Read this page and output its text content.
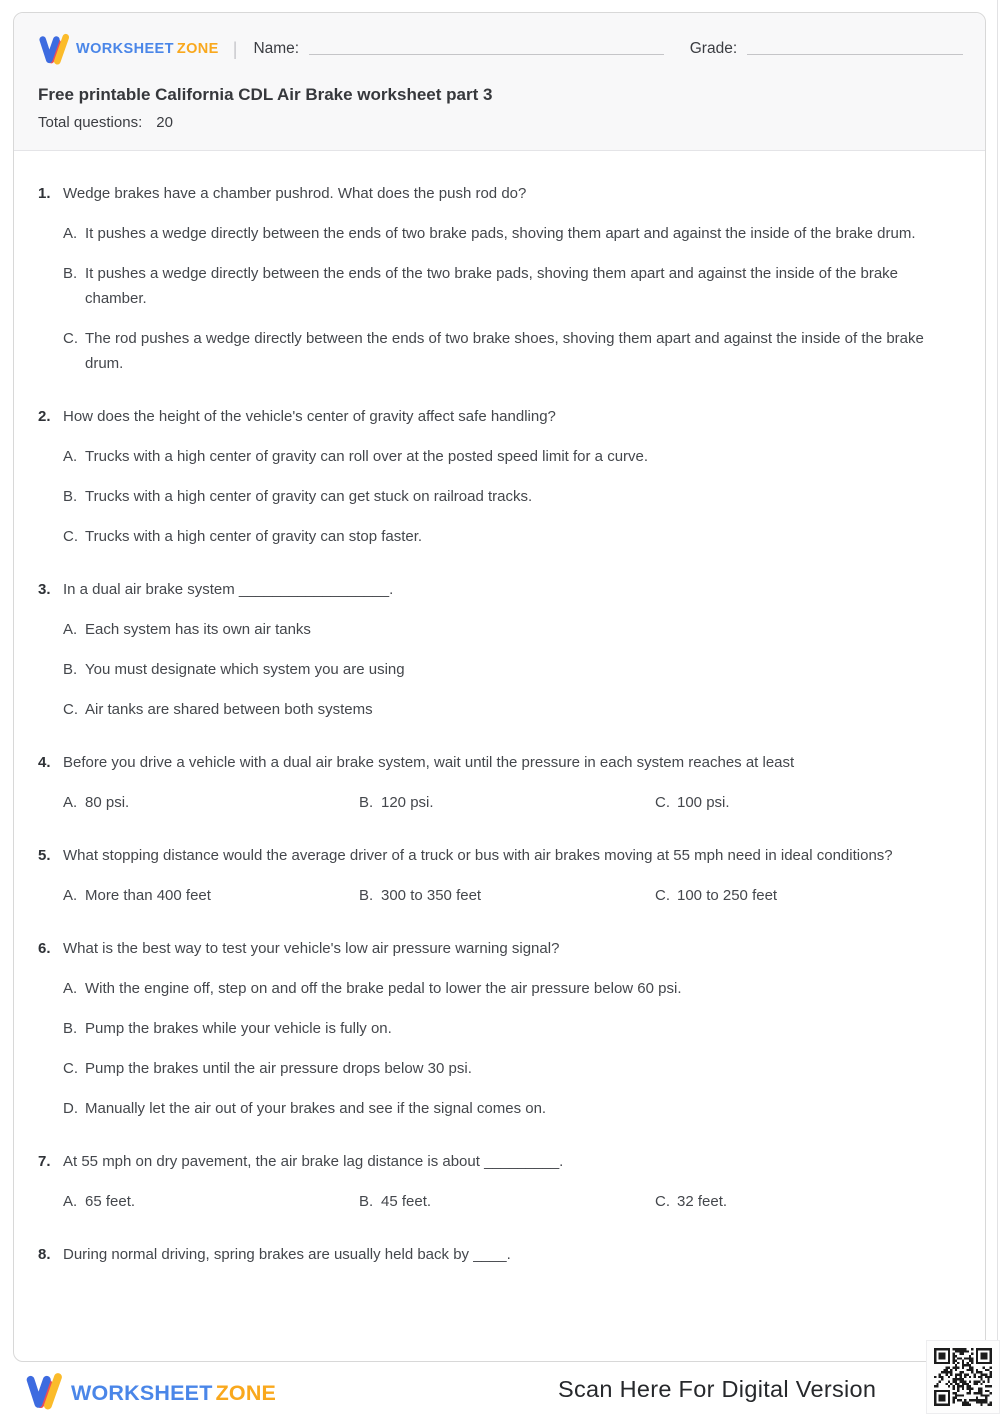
WORKSHEET ZONE | Name:	Grade:
Free printable California CDL Air Brake worksheet part 3
Total questions: 20
1. Wedge brakes have a chamber pushrod. What does the push rod do?
A. It pushes a wedge directly between the ends of two brake pads, shoving them apart and against the inside of the brake drum.
B. It pushes a wedge directly between the ends of the two brake pads, shoving them apart and against the inside of the brake chamber.
C. The rod pushes a wedge directly between the ends of two brake shoes, shoving them apart and against the inside of the brake drum.
2. How does the height of the vehicle's center of gravity affect safe handling?
A. Trucks with a high center of gravity can roll over at the posted speed limit for a curve.
B. Trucks with a high center of gravity can get stuck on railroad tracks.
C. Trucks with a high center of gravity can stop faster.
3. In a dual air brake system __________________.
A. Each system has its own air tanks
B. You must designate which system you are using
C. Air tanks are shared between both systems
4. Before you drive a vehicle with a dual air brake system, wait until the pressure in each system reaches at least
A. 80 psi.	B. 120 psi.	C. 100 psi.
5. What stopping distance would the average driver of a truck or bus with air brakes moving at 55 mph need in ideal conditions?
A. More than 400 feet	B. 300 to 350 feet	C. 100 to 250 feet
6. What is the best way to test your vehicle's low air pressure warning signal?
A. With the engine off, step on and off the brake pedal to lower the air pressure below 60 psi.
B. Pump the brakes while your vehicle is fully on.
C. Pump the brakes until the air pressure drops below 30 psi.
D. Manually let the air out of your brakes and see if the signal comes on.
7. At 55 mph on dry pavement, the air brake lag distance is about _________.
A. 65 feet.	B. 45 feet.	C. 32 feet.
8. During normal driving, spring brakes are usually held back by ____.
WORKSHEET ZONE	Scan Here For Digital Version
